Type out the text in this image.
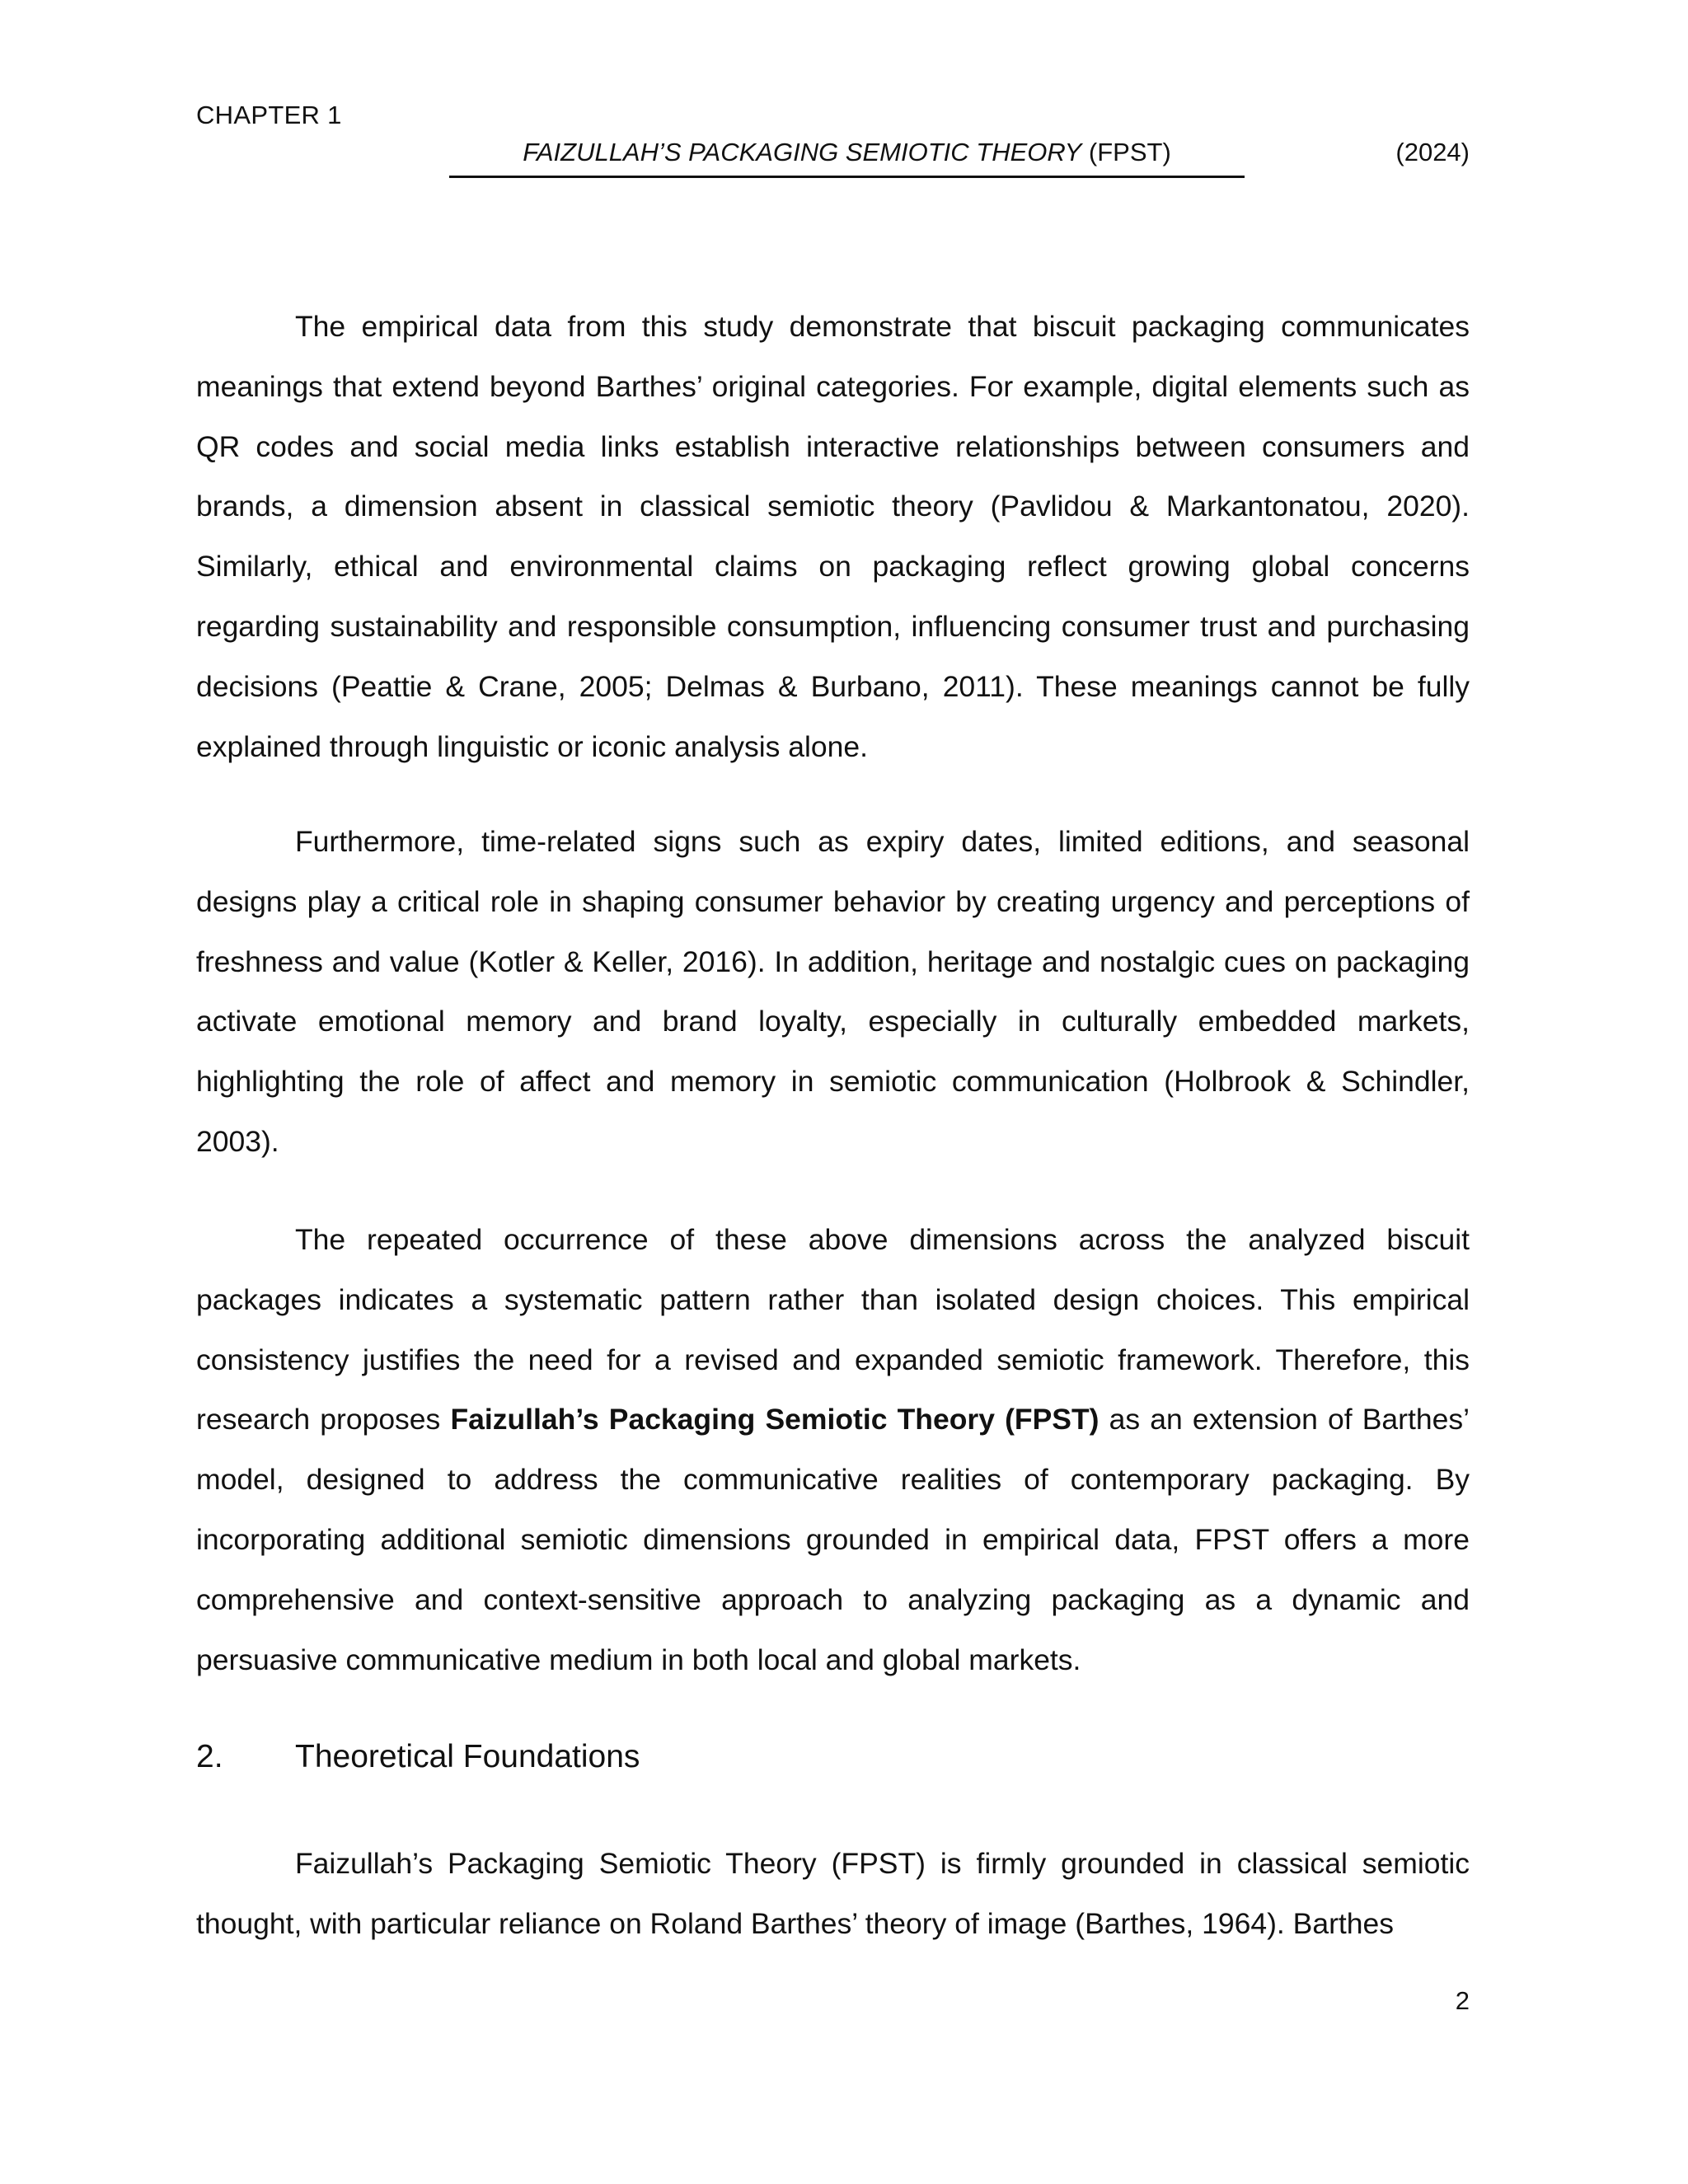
CHAPTER 1
FAIZULLAH’S PACKAGING SEMIOTIC THEORY (FPST)	(2024)

The empirical data from this study demonstrate that biscuit packaging communicates meanings that extend beyond Barthes’ original categories. For example, digital elements such as QR codes and social media links establish interactive relationships between consumers and brands, a dimension absent in classical semiotic theory (Pavlidou & Markantonatou, 2020). Similarly, ethical and environmental claims on packaging reflect growing global concerns regarding sustainability and responsible consumption, influencing consumer trust and purchasing decisions (Peattie & Crane, 2005; Delmas & Burbano, 2011). These meanings cannot be fully explained through linguistic or iconic analysis alone.

Furthermore, time-related signs such as expiry dates, limited editions, and seasonal designs play a critical role in shaping consumer behavior by creating urgency and perceptions of freshness and value (Kotler & Keller, 2016). In addition, heritage and nostalgic cues on packaging activate emotional memory and brand loyalty, especially in culturally embedded markets, highlighting the role of affect and memory in semiotic communication (Holbrook & Schindler, 2003).

The repeated occurrence of these above dimensions across the analyzed biscuit packages indicates a systematic pattern rather than isolated design choices. This empirical consistency justifies the need for a revised and expanded semiotic framework. Therefore, this research proposes Faizullah’s Packaging Semiotic Theory (FPST) as an extension of Barthes’ model, designed to address the communicative realities of contemporary packaging. By incorporating additional semiotic dimensions grounded in empirical data, FPST offers a more comprehensive and context-sensitive approach to analyzing packaging as a dynamic and persuasive communicative medium in both local and global markets.

2. Theoretical Foundations

Faizullah’s Packaging Semiotic Theory (FPST) is firmly grounded in classical semiotic thought, with particular reliance on Roland Barthes’ theory of image (Barthes, 1964). Barthes

2
